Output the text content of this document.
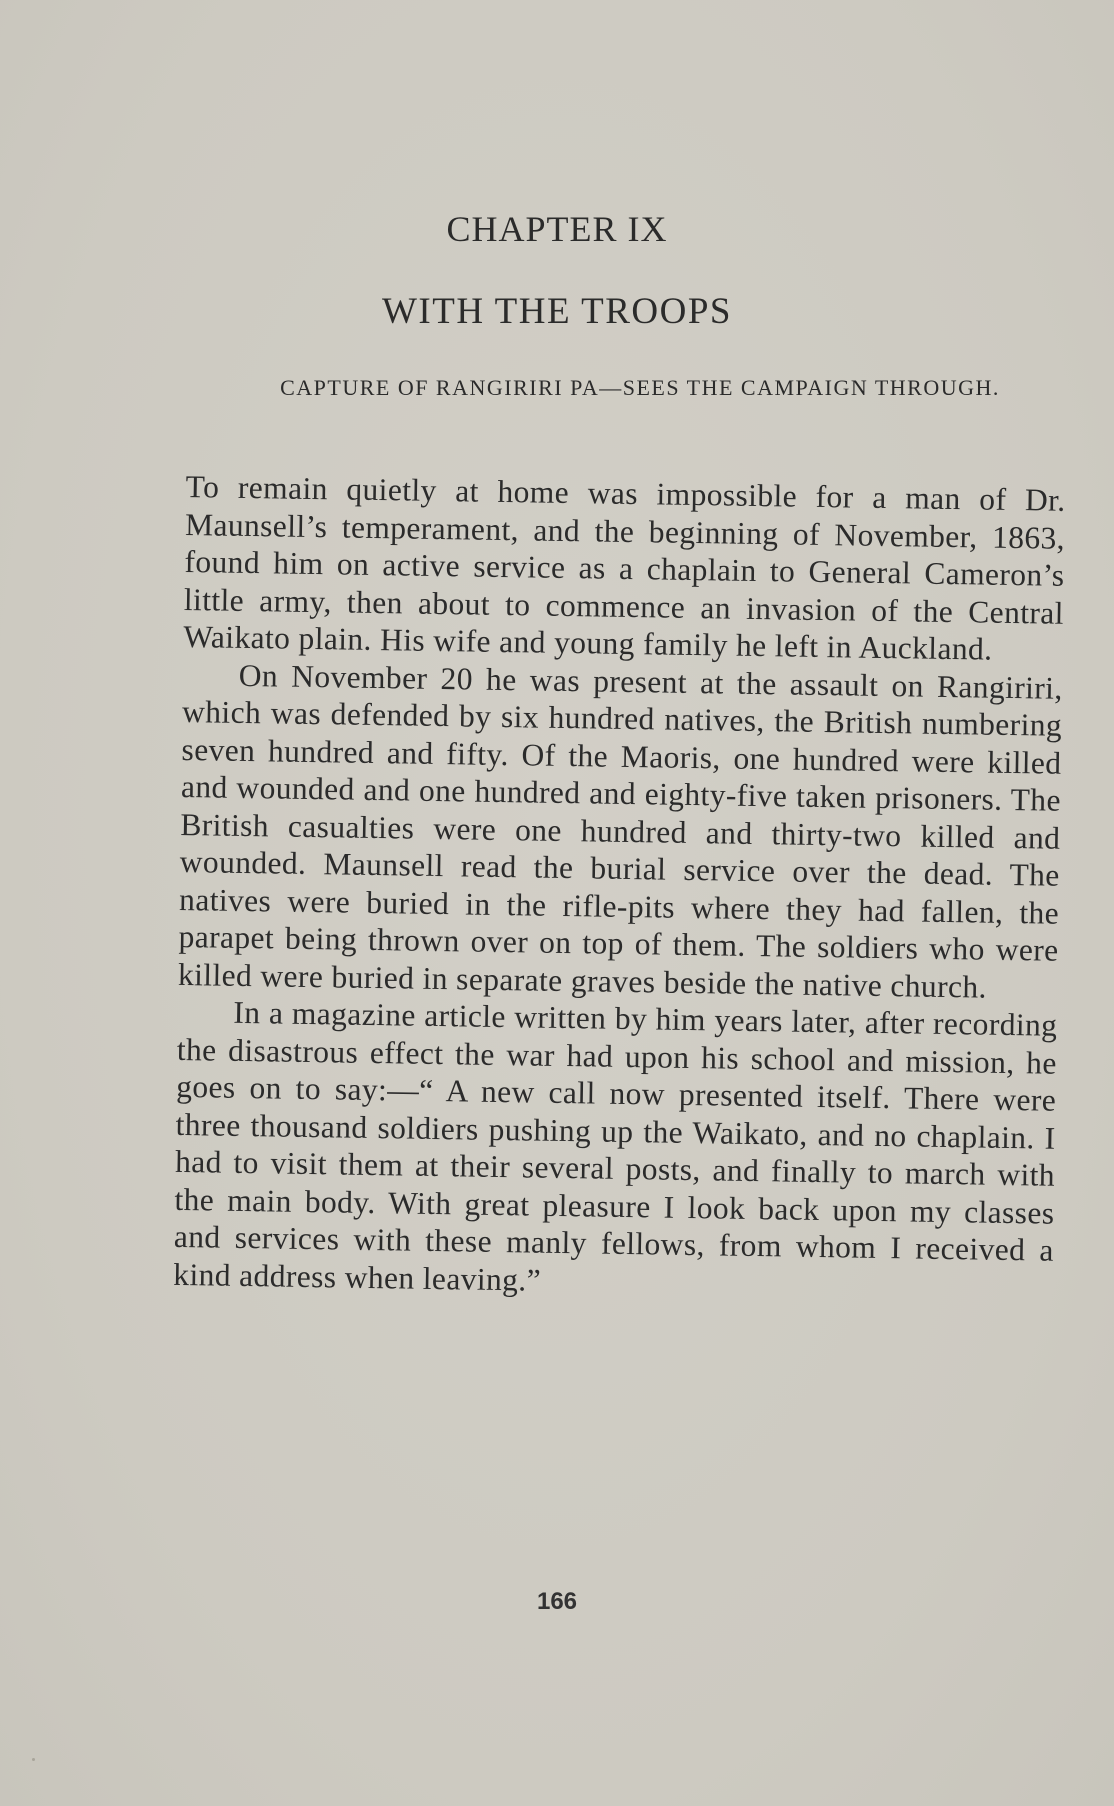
CHAPTER IX
WITH THE TROOPS
CAPTURE OF RANGIRIRI PA—SEES THE CAMPAIGN THROUGH.

To remain quietly at home was impossible for a man of Dr. Maunsell’s temperament, and the beginning of November, 1863, found him on active service as a chaplain to General Cameron’s little army, then about to commence an invasion of the Central Waikato plain. His wife and young family he left in Auckland.

On November 20 he was present at the assault on Rangiriri, which was defended by six hundred natives, the British numbering seven hundred and fifty. Of the Maoris, one hundred were killed and wounded and one hundred and eighty-five taken prisoners. The British casualties were one hundred and thirty-two killed and wounded. Maunsell read the burial service over the dead. The natives were buried in the rifle-pits where they had fallen, the parapet being thrown over on top of them. The soldiers who were killed were buried in separate graves beside the native church.

In a magazine article written by him years later, after recording the disastrous effect the war had upon his school and mission, he goes on to say:—“ A new call now presented itself. There were three thousand soldiers pushing up the Waikato, and no chaplain. I had to visit them at their several posts, and finally to march with the main body. With great pleasure I look back upon my classes and services with these manly fellows, from whom I received a kind address when leaving.”

166
